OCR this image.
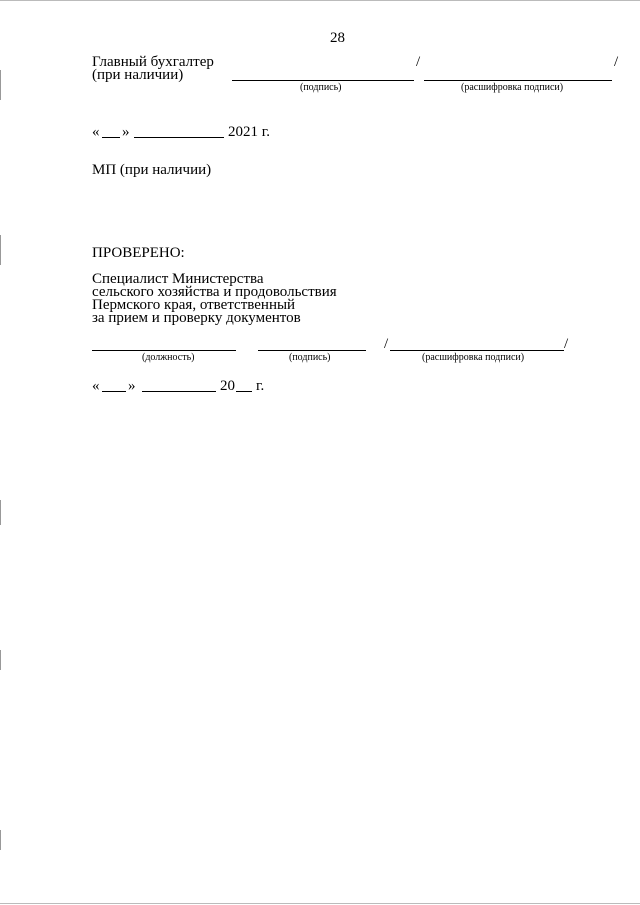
28
Главный бухгалтер
(при наличии)
/	/
(подпись)	(расшифровка подписи)
« »	2021 г.
МП (при наличии)
ПРОВЕРЕНО:
Специалист Министерства
сельского хозяйства и продовольствия
Пермского края, ответственный
за прием и проверку документов
/	/
(должность)	(подпись)	(расшифровка подписи)
« »	20 г.
